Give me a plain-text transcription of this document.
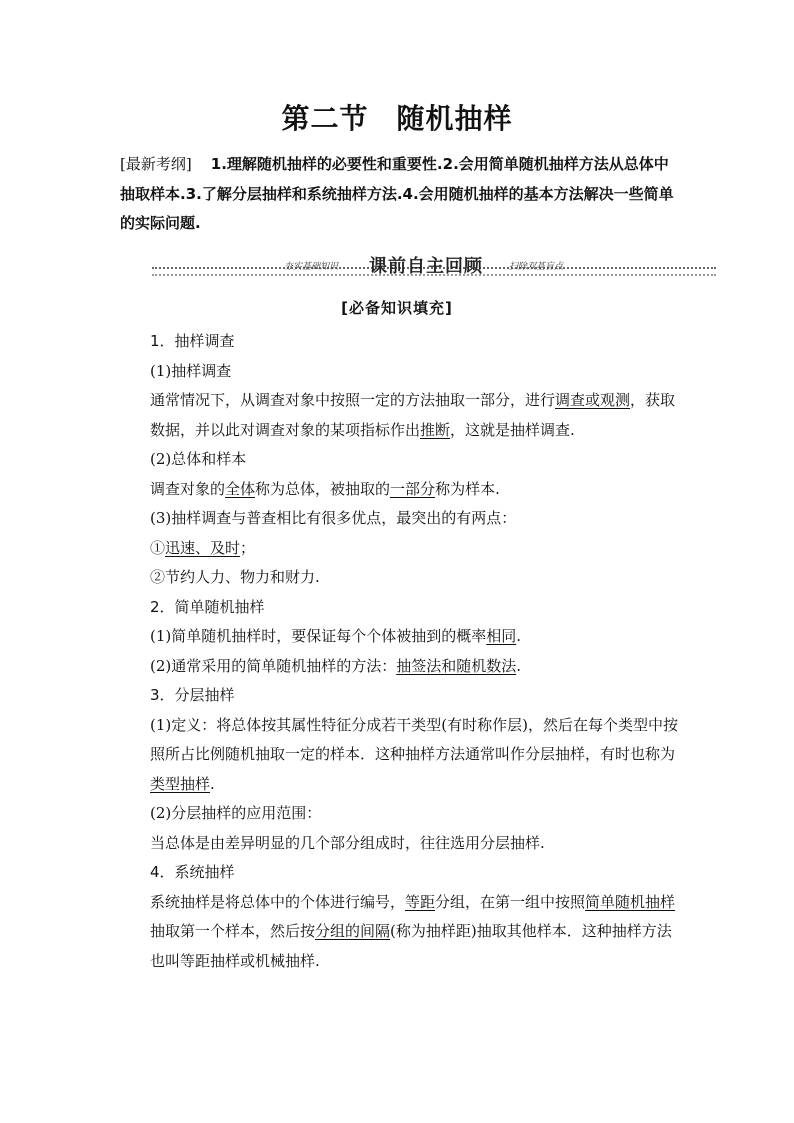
第二节 随机抽样
[最新考纲] 1.理解随机抽样的必要性和重要性.2.会用简单随机抽样方法从总体中抽取样本.3.了解分层抽样和系统抽样方法.4.会用随机抽样的基本方法解决一些简单的实际问题.
夯实基础知识 课前自主回顾	扫除双基盲点
[必备知识填充]

1．抽样调查

(1)抽样调查

通常情况下，从调查对象中按照一定的方法抽取一部分，进行调查或观测，获取数据，并以此对调查对象的某项指标作出推断，这就是抽样调查.

(2)总体和样本

调查对象的全体称为总体，被抽取的一部分称为样本.

(3)抽样调查与普查相比有很多优点，最突出的有两点：

①迅速、及时；

②节约人力、物力和财力.

2．简单随机抽样

(1)简单随机抽样时，要保证每个个体被抽到的概率相同.

(2)通常采用的简单随机抽样的方法：抽签法和随机数法.

3．分层抽样

(1)定义：将总体按其属性特征分成若干类型(有时称作层)，然后在每个类型中按照所占比例随机抽取一定的样本．这种抽样方法通常叫作分层抽样，有时也称为类型抽样.

(2)分层抽样的应用范围：

当总体是由差异明显的几个部分组成时，往往选用分层抽样.

4．系统抽样

系统抽样是将总体中的个体进行编号，等距分组，在第一组中按照简单随机抽样抽取第一个样本，然后按分组的间隔(称为抽样距)抽取其他样本．这种抽样方法也叫等距抽样或机械抽样.
